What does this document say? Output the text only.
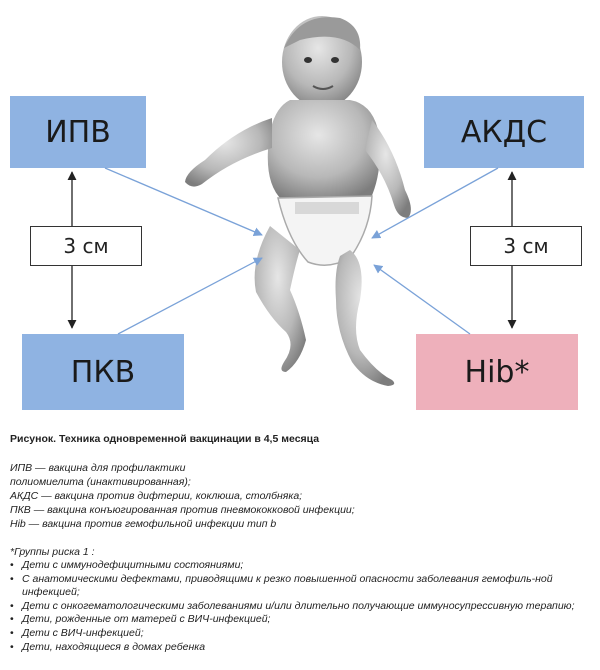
ИПВ	АКДС
ПКВ	Hib*
3 см	3 см
Рисунок. Техника одновременной вакцинации в 4,5 месяца
ИПВ — вакцина для профилактики
полиомиелита (инактивированная);
АКДС — вакцина против дифтерии, коклюша, столбняка;
ПКВ — вакцина конъюгированная против пневмококковой инфекции;
Hib — вакцина против гемофильной инфекции тип b
*Группы риска 1 :
• Дети с иммунодефицитными состояниями;
• С анатомическими дефектами, приводящими к резко повышенной опасности заболевания гемофиль-ной инфекцией;
• Дети с онкогематологическими заболеваниями и/или длительно получающие иммуносупрессивную терапию;
• Дети, рожденные от матерей с ВИЧ-инфекцией;
• Дети с ВИЧ-инфекцией;
• Дети, находящиеся в домах ребенка
